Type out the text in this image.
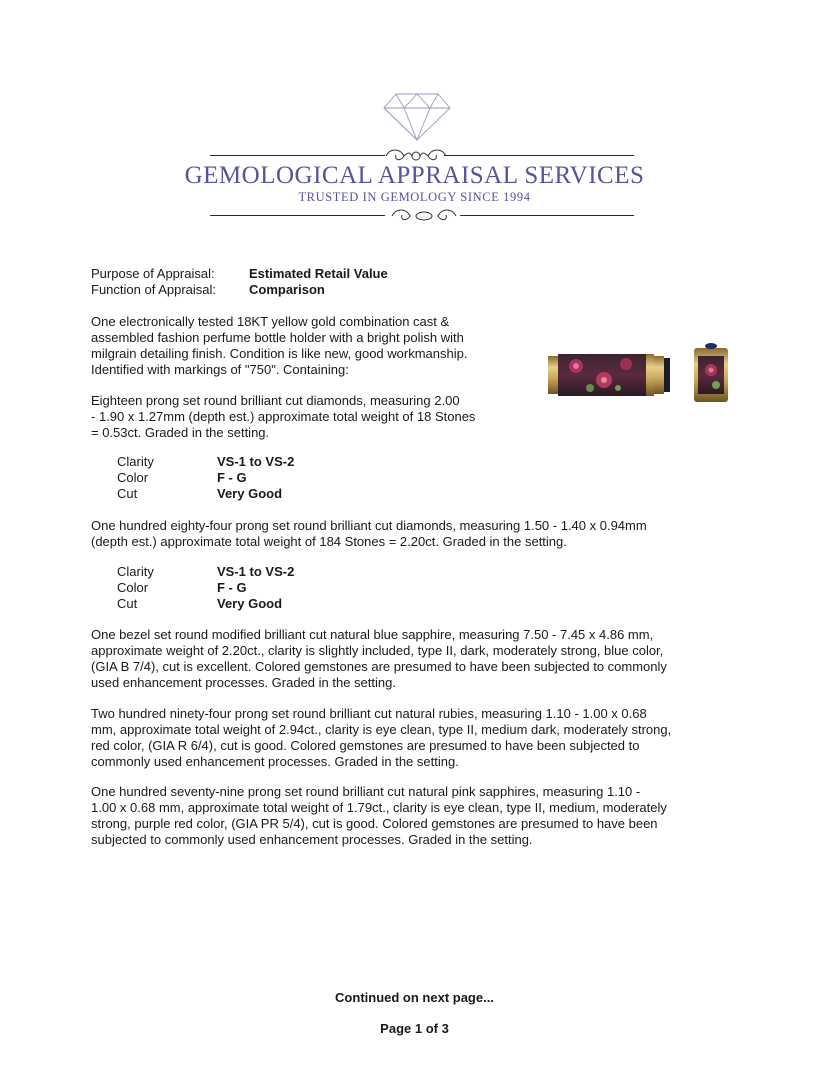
GEMOLOGICAL APPRAISAL SERVICES
TRUSTED IN GEMOLOGY SINCE 1994
Purpose of Appraisal:	Estimated Retail Value
Function of Appraisal:	Comparison
One electronically tested 18KT yellow gold combination cast &
assembled fashion perfume bottle holder with a bright polish with
milgrain detailing finish. Condition is like new, good workmanship.
Identified with markings of "750". Containing:
Eighteen prong set round brilliant cut diamonds, measuring 2.00
- 1.90 x 1.27mm (depth est.) approximate total weight of 18 Stones
= 0.53ct. Graded in the setting.
Clarity	VS-1 to VS-2
Color	F - G
Cut	Very Good
One hundred eighty-four prong set round brilliant cut diamonds, measuring 1.50 - 1.40 x 0.94mm
(depth est.) approximate total weight of 184 Stones = 2.20ct. Graded in the setting.
Clarity	VS-1 to VS-2
Color	F - G
Cut	Very Good
One bezel set round modified brilliant cut natural blue sapphire, measuring 7.50 - 7.45 x 4.86 mm,
approximate weight of 2.20ct., clarity is slightly included, type II, dark, moderately strong, blue color,
(GIA B 7/4), cut is excellent. Colored gemstones are presumed to have been subjected to commonly
used enhancement processes. Graded in the setting.
Two hundred ninety-four prong set round brilliant cut natural rubies, measuring 1.10 - 1.00 x 0.68
mm, approximate total weight of 2.94ct., clarity is eye clean, type II, medium dark, moderately strong,
red color, (GIA R 6/4), cut is good. Colored gemstones are presumed to have been subjected to
commonly used enhancement processes. Graded in the setting.
One hundred seventy-nine prong set round brilliant cut natural pink sapphires, measuring 1.10 -
1.00 x 0.68 mm, approximate total weight of 1.79ct., clarity is eye clean, type II, medium, moderately
strong, purple red color, (GIA PR 5/4), cut is good. Colored gemstones are presumed to have been
subjected to commonly used enhancement processes. Graded in the setting.
Continued on next page...
Page 1 of 3
